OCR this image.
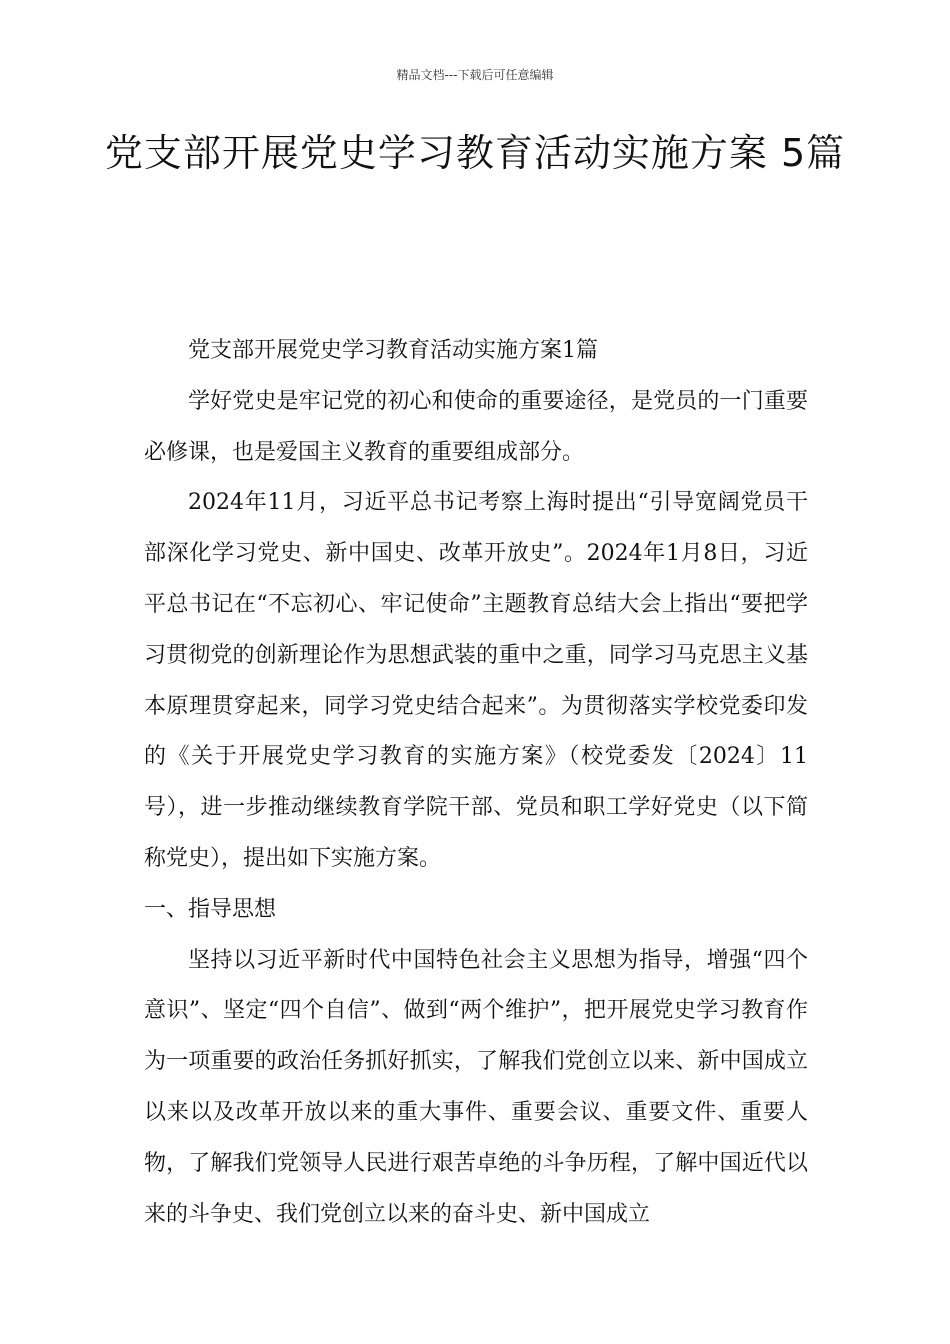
精品文档---下载后可任意编辑
党支部开展党史学习教育活动实施方案 5篇

党支部开展党史学习教育活动实施方案1篇

学好党史是牢记党的初心和使命的重要途径，是党员的一门重要必修课，也是爱国主义教育的重要组成部分。

2024年11月，习近平总书记考察上海时提出“引导宽阔党员干部深化学习党史、新中国史、改革开放史”。2024年1月8日，习近平总书记在“不忘初心、牢记使命”主题教育总结大会上指出“要把学习贯彻党的创新理论作为思想武装的重中之重，同学习马克思主义基本原理贯穿起来，同学习党史结合起来”。为贯彻落实学校党委印发的《关于开展党史学习教育的实施方案》（校党委发〔2024〕11号），进一步推动继续教育学院干部、党员和职工学好党史（以下简称党史），提出如下实施方案。

一、指导思想

坚持以习近平新时代中国特色社会主义思想为指导，增强“四个意识”、坚定“四个自信”、做到“两个维护”，把开展党史学习教育作为一项重要的政治任务抓好抓实，了解我们党创立以来、新中国成立以来以及改革开放以来的重大事件、重要会议、重要文件、重要人物，了解我们党领导人民进行艰苦卓绝的斗争历程，了解中国近代以来的斗争史、我们党创立以来的奋斗史、新中国成立
